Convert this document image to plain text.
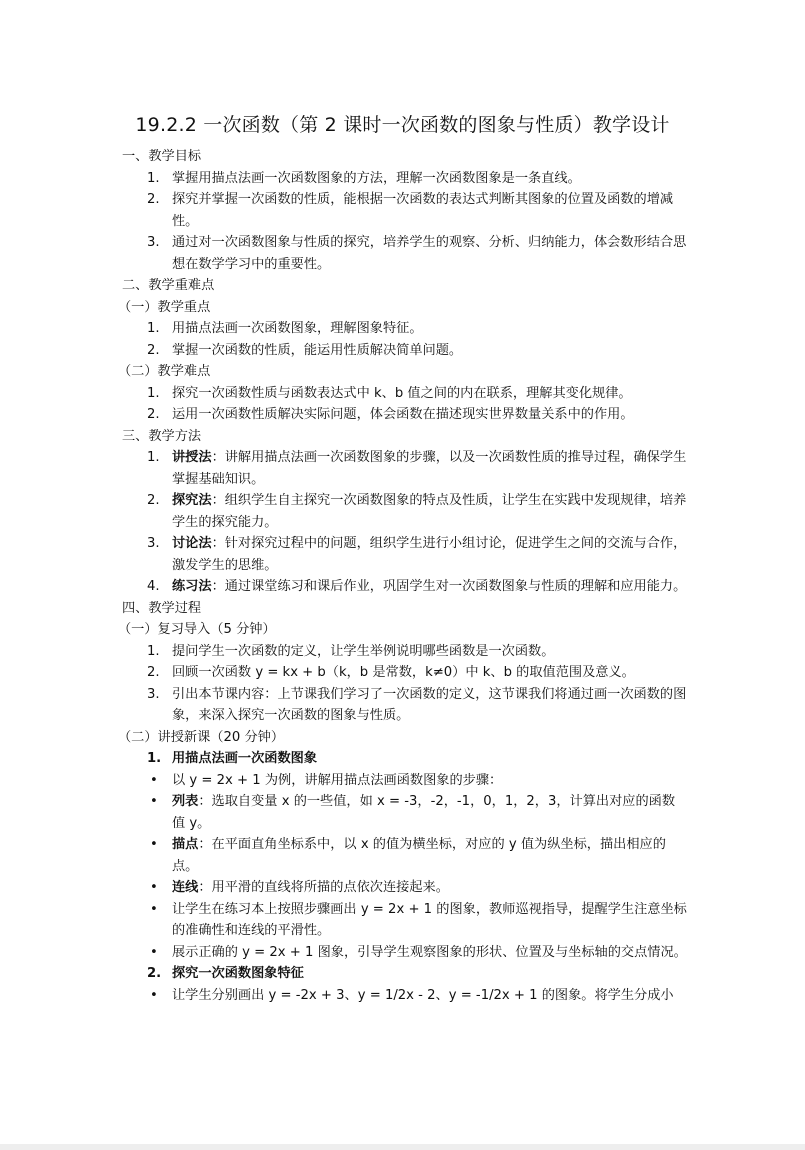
19.2.2 一次函数（第 2 课时一次函数的图象与性质）教学设计
一、教学目标
1. 掌握用描点法画一次函数图象的方法，理解一次函数图象是一条直线。
2. 探究并掌握一次函数的性质，能根据一次函数的表达式判断其图象的位置及函数的增减性。
3. 通过对一次函数图象与性质的探究，培养学生的观察、分析、归纳能力，体会数形结合思想在数学学习中的重要性。
二、教学重难点
（一）教学重点
1. 用描点法画一次函数图象，理解图象特征。
2. 掌握一次函数的性质，能运用性质解决简单问题。
（二）教学难点
1. 探究一次函数性质与函数表达式中 k、b 值之间的内在联系，理解其变化规律。
2. 运用一次函数性质解决实际问题，体会函数在描述现实世界数量关系中的作用。
三、教学方法
1. 讲授法：讲解用描点法画一次函数图象的步骤，以及一次函数性质的推导过程，确保学生掌握基础知识。
2. 探究法：组织学生自主探究一次函数图象的特点及性质，让学生在实践中发现规律，培养学生的探究能力。
3. 讨论法：针对探究过程中的问题，组织学生进行小组讨论，促进学生之间的交流与合作，激发学生的思维。
4. 练习法：通过课堂练习和课后作业，巩固学生对一次函数图象与性质的理解和应用能力。
四、教学过程
（一）复习导入（5 分钟）
1. 提问学生一次函数的定义，让学生举例说明哪些函数是一次函数。
2. 回顾一次函数 y = kx + b（k，b 是常数，k≠0）中 k、b 的取值范围及意义。
3. 引出本节课内容：上节课我们学习了一次函数的定义，这节课我们将通过画一次函数的图象，来深入探究一次函数的图象与性质。
（二）讲授新课（20 分钟）
1. 用描点法画一次函数图象
• 以 y = 2x + 1 为例，讲解用描点法画函数图象的步骤：
• 列表：选取自变量 x 的一些值，如 x = -3，-2，-1，0，1，2，3，计算出对应的函数值 y。
• 描点：在平面直角坐标系中，以 x 的值为横坐标，对应的 y 值为纵坐标，描出相应的点。
• 连线：用平滑的直线将所描的点依次连接起来。
• 让学生在练习本上按照步骤画出 y = 2x + 1 的图象，教师巡视指导，提醒学生注意坐标的准确性和连线的平滑性。
• 展示正确的 y = 2x + 1 图象，引导学生观察图象的形状、位置及与坐标轴的交点情况。
2. 探究一次函数图象特征
• 让学生分别画出 y = -2x + 3、y = 1/2x - 2、y = -1/2x + 1 的图象。将学生分成小
